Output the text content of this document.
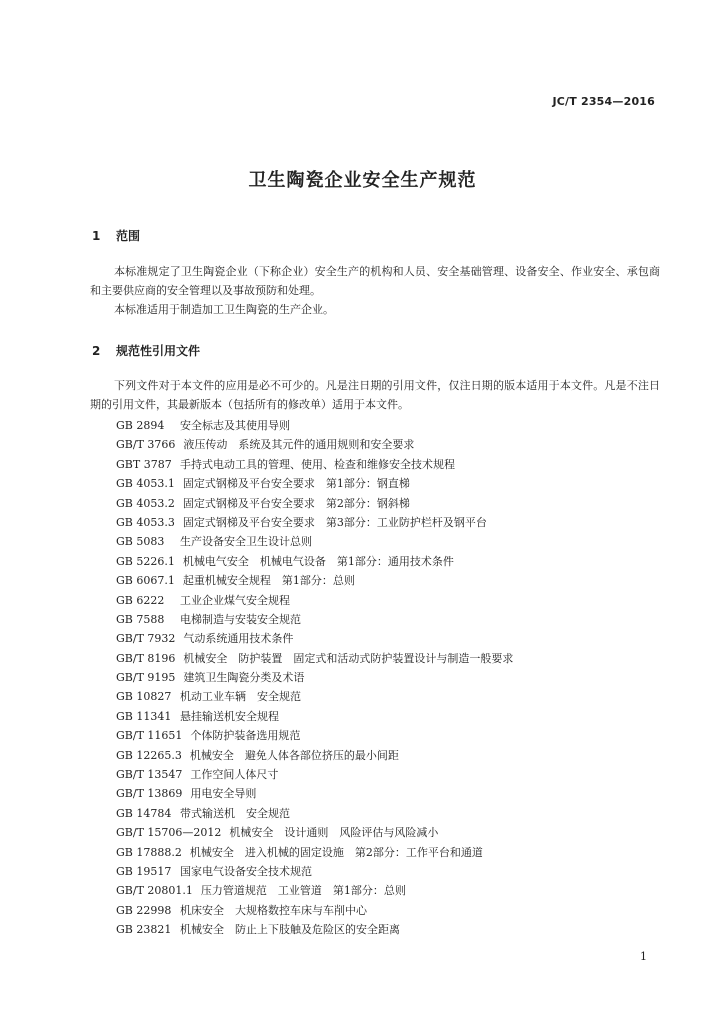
JC/T 2354—2016
卫生陶瓷企业安全生产规范
1 范围

本标准规定了卫生陶瓷企业（下称企业）安全生产的机构和人员、安全基础管理、设备安全、作业安全、承包商和主要供应商的安全管理以及事故预防和处理。

本标准适用于制造加工卫生陶瓷的生产企业。

2 规范性引用文件

下列文件对于本文件的应用是必不可少的。凡是注日期的引用文件，仅注日期的版本适用于本文件。凡是不注日期的引用文件，其最新版本（包括所有的修改单）适用于本文件。

GB 2894 安全标志及其使用导则
GB/T 3766 液压传动　系统及其元件的通用规则和安全要求
GBT 3787 手持式电动工具的管理、使用、检查和维修安全技术规程
GB 4053.1 固定式钢梯及平台安全要求　第1部分：钢直梯
GB 4053.2 固定式钢梯及平台安全要求　第2部分：钢斜梯
GB 4053.3 固定式钢梯及平台安全要求　第3部分：工业防护栏杆及钢平台
GB 5083 生产设备安全卫生设计总则
GB 5226.1 机械电气安全　机械电气设备　第1部分：通用技术条件
GB 6067.1 起重机械安全规程　第1部分：总则
GB 6222 工业企业煤气安全规程
GB 7588 电梯制造与安装安全规范
GB/T 7932 气动系统通用技术条件
GB/T 8196 机械安全　防护装置　固定式和活动式防护装置设计与制造一般要求
GB/T 9195 建筑卫生陶瓷分类及术语
GB 10827 机动工业车辆　安全规范
GB 11341 悬挂输送机安全规程
GB/T 11651 个体防护装备选用规范
GB 12265.3 机械安全　避免人体各部位挤压的最小间距
GB/T 13547 工作空间人体尺寸
GB/T 13869 用电安全导则
GB 14784 带式输送机　安全规范
GB/T 15706—2012 机械安全　设计通则　风险评估与风险减小
GB 17888.2 机械安全　进入机械的固定设施　第2部分：工作平台和通道
GB 19517 国家电气设备安全技术规范
GB/T 20801.1 压力管道规范　工业管道　第1部分：总则
GB 22998 机床安全　大规格数控车床与车削中心
GB 23821 机械安全　防止上下肢触及危险区的安全距离
1
